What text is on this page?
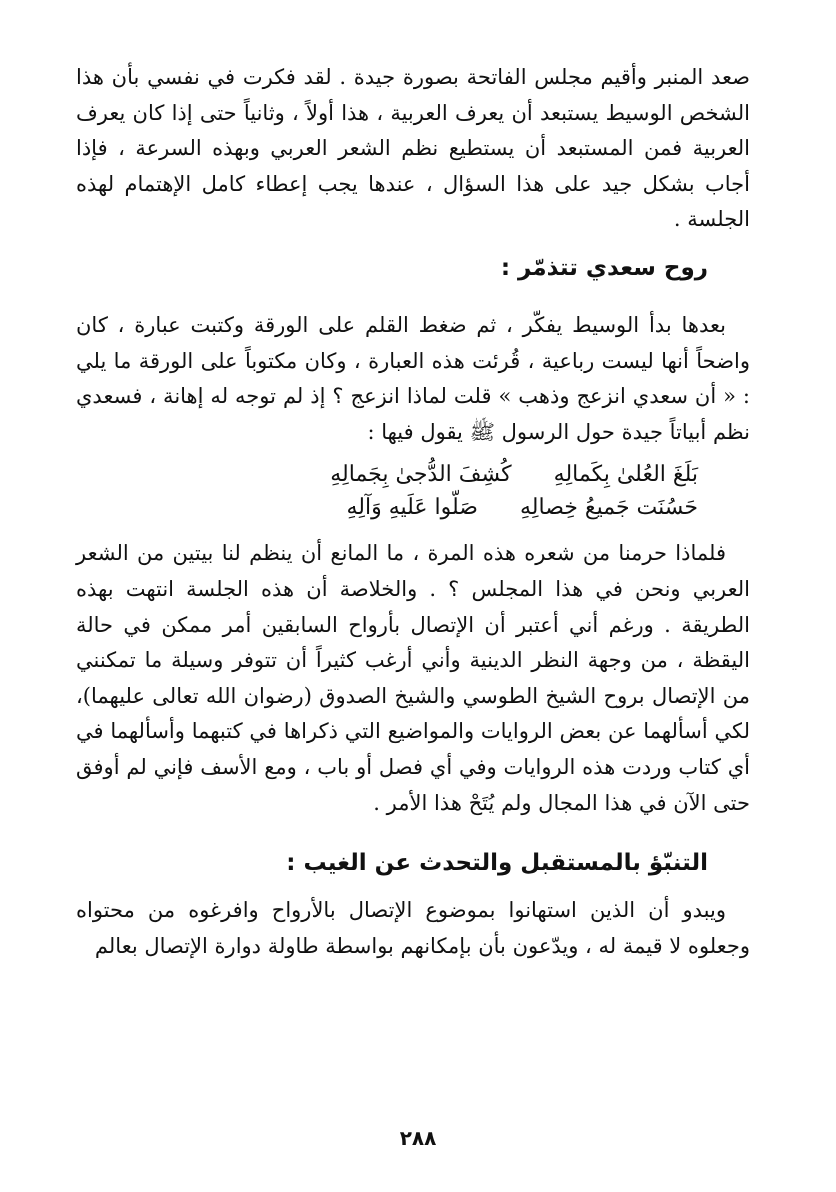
صعد المنبر وأقيم مجلس الفاتحة بصورة جيدة . لقد فكرت في نفسي بأن هذا الشخص الوسيط يستبعد أن يعرف العربية ، هذا أولاً ، وثانياً حتى إذا كان يعرف العربية فمن المستبعد أن يستطيع نظم الشعر العربي وبهذه السرعة ، فإذا أجاب بشكل جيد على هذا السؤال ، عندها يجب إعطاء كامل الإهتمام لهذه الجلسة .

روح سعدي تتذمّر :

بعدها بدأ الوسيط يفكّر ، ثم ضغط القلم على الورقة وكتبت عبارة ، كان واضحاً أنها ليست رباعية ، قُرئت هذه العبارة ، وكان مكتوباً على الورقة ما يلي : « أن سعدي انزعج وذهب » قلت لماذا انزعج ؟ إذ لم توجه له إهانة ، فسعدي نظم أبياتاً جيدة حول الرسول ﷺ يقول فيها :

بَلَغَ العُلىٰ بِكَمالِهِ
كُشِفَ الدُّجىٰ بِجَمالِهِ
حَسُنَت جَميعُ خِصالِهِ
صَلّوا عَلَيهِ وَآلِهِ

فلماذا حرمنا من شعره هذه المرة ، ما المانع أن ينظم لنا بيتين من الشعر العربي ونحن في هذا المجلس ؟ . والخلاصة أن هذه الجلسة انتهت بهذه الطريقة . ورغم أني أعتبر أن الإتصال بأرواح السابقين أمر ممكن في حالة اليقظة ، من وجهة النظر الدينية وأني أرغب كثيراً أن تتوفر وسيلة ما تمكنني من الإتصال بروح الشيخ الطوسي والشيخ الصدوق (رضوان الله تعالى عليهما)، لكي أسألهما عن بعض الروايات والمواضيع التي ذكراها في كتبهما وأسألهما في أي كتاب وردت هذه الروايات وفي أي فصل أو باب ، ومع الأسف فإني لم أوفق حتى الآن في هذا المجال ولم يُتَحْ هذا الأمر .

التنبّؤ بالمستقبل والتحدث عن الغيب :

ويبدو أن الذين استهانوا بموضوع الإتصال بالأرواح وافرغوه من محتواه وجعلوه لا قيمة له ، ويدّعون بأن بإمكانهم بواسطة طاولة دوارة الإتصال بعالم

٢٨٨
